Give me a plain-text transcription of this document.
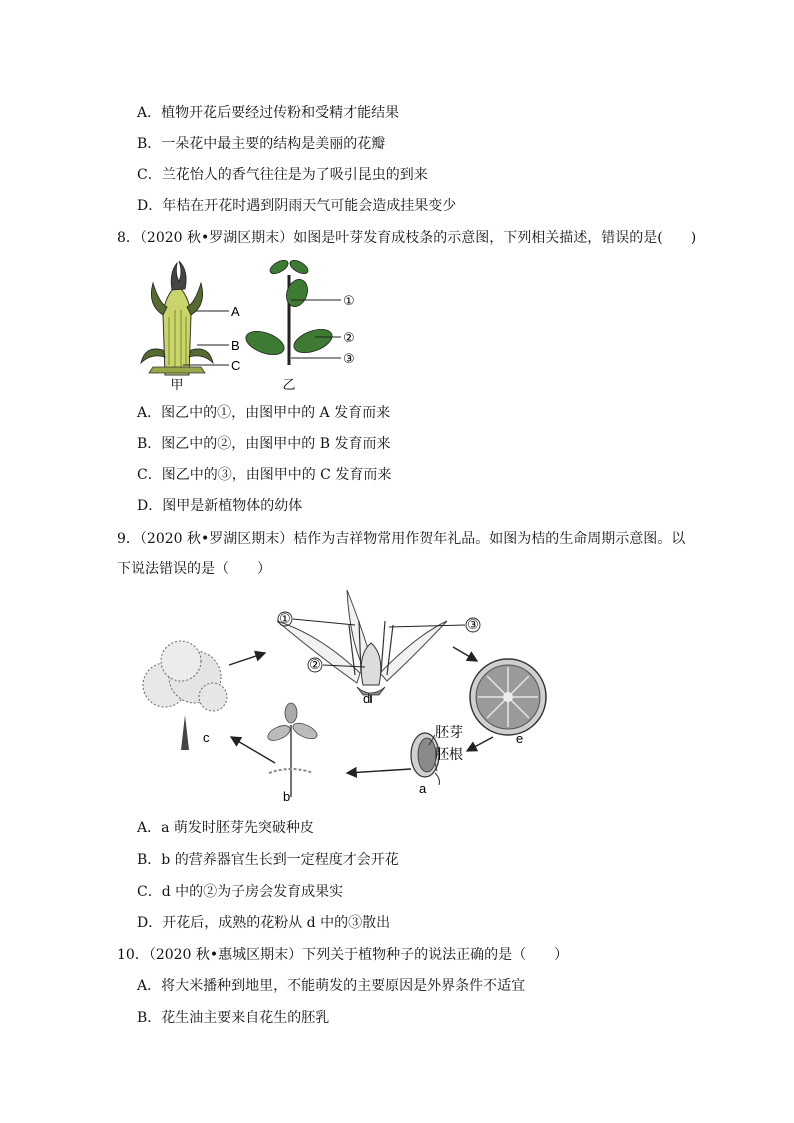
A．植物开花后要经过传粉和受精才能结果
B．一朵花中最主要的结构是美丽的花瓣
C．兰花怡人的香气往往是为了吸引昆虫的到来
D．年桔在开花时遇到阴雨天气可能会造成挂果变少
8．（2020 秋•罗湖区期末）如图是叶芽发育成枝条的示意图，下列相关描述，错误的是(　　)
A
B
C
甲
①
②
③
乙
A．图乙中的①，由图甲中的 A 发育而来
B．图乙中的②，由图甲中的 B 发育而来
C．图乙中的③，由图甲中的 C 发育而来
D．图甲是新植物体的幼体
9．（2020 秋•罗湖区期末）桔作为吉祥物常用作贺年礼品。如图为桔的生命周期示意图。以
下说法错误的是（　　）
c
①
②
③
d
e
胚芽
胚根
a
b
A．a 萌发时胚芽先突破种皮
B．b 的营养器官生长到一定程度才会开花
C．d 中的②为子房会发育成果实
D．开花后，成熟的花粉从 d 中的③散出
10．（2020 秋•惠城区期末）下列关于植物种子的说法正确的是（　　）
A．将大米播种到地里，不能萌发的主要原因是外界条件不适宜
B．花生油主要来自花生的胚乳
